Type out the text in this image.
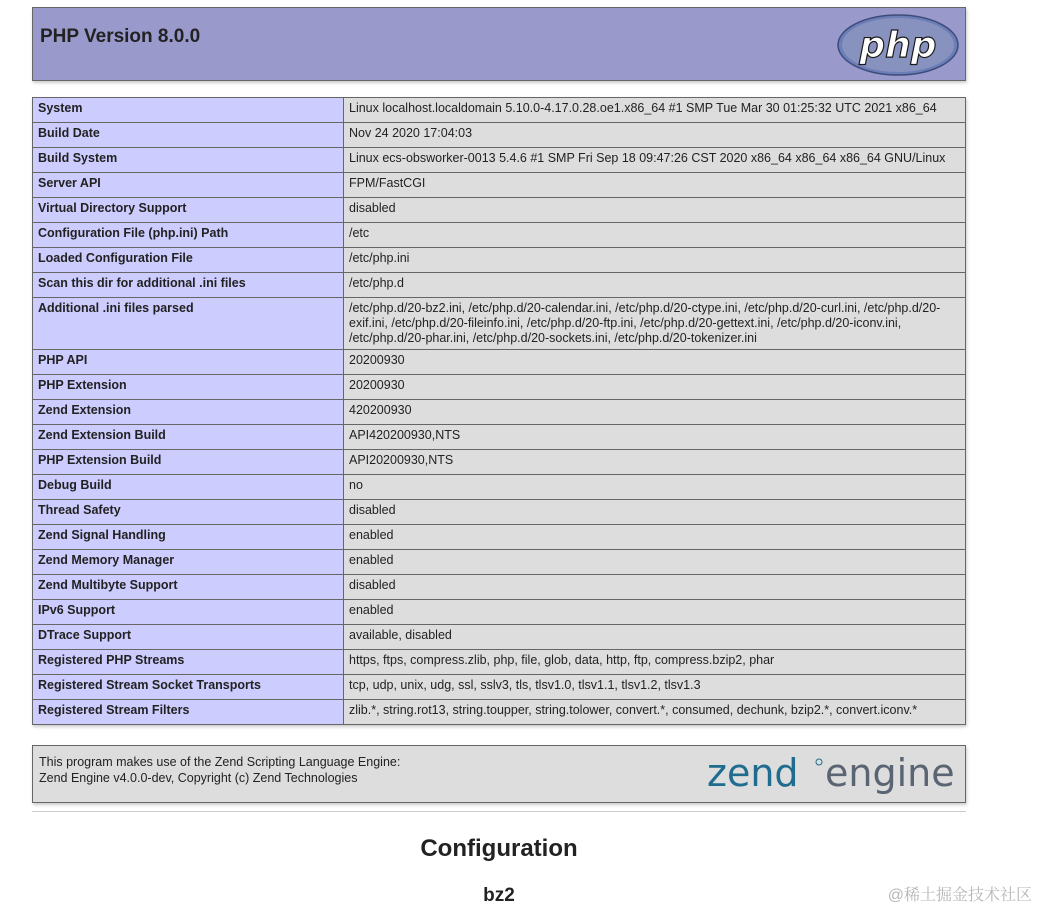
PHP Version 8.0.0	php
System	Linux localhost.localdomain 5.10.0-4.17.0.28.oe1.x86_64 #1 SMP Tue Mar 30 01:25:32 UTC 2021 x86_64
Build Date	Nov 24 2020 17:04:03
Build System	Linux ecs-obsworker-0013 5.4.6 #1 SMP Fri Sep 18 09:47:26 CST 2020 x86_64 x86_64 x86_64 GNU/Linux
Server API	FPM/FastCGI
Virtual Directory Support	disabled
Configuration File (php.ini) Path	/etc
Loaded Configuration File	/etc/php.ini
Scan this dir for additional .ini files	/etc/php.d
Additional .ini files parsed	/etc/php.d/20-bz2.ini, /etc/php.d/20-calendar.ini, /etc/php.d/20-ctype.ini, /etc/php.d/20-curl.ini, /etc/php.d/20-exif.ini, /etc/php.d/20-fileinfo.ini, /etc/php.d/20-ftp.ini, /etc/php.d/20-gettext.ini, /etc/php.d/20-iconv.ini, /etc/php.d/20-phar.ini, /etc/php.d/20-sockets.ini, /etc/php.d/20-tokenizer.ini
PHP API	20200930
PHP Extension	20200930
Zend Extension	420200930
Zend Extension Build	API420200930,NTS
PHP Extension Build	API20200930,NTS
Debug Build	no
Thread Safety	disabled
Zend Signal Handling	enabled
Zend Memory Manager	enabled
Zend Multibyte Support	disabled
IPv6 Support	enabled
DTrace Support	available, disabled
Registered PHP Streams	https, ftps, compress.zlib, php, file, glob, data, http, ftp, compress.bzip2, phar
Registered Stream Socket Transports	tcp, udp, unix, udg, ssl, sslv3, tls, tlsv1.0, tlsv1.1, tlsv1.2, tlsv1.3
Registered Stream Filters	zlib.*, string.rot13, string.toupper, string.tolower, convert.*, consumed, dechunk, bzip2.*, convert.iconv.*
This program makes use of the Zend Scripting Language Engine:
Zend Engine v4.0.0-dev, Copyright (c) Zend Technologies	zend engine
Configuration
bz2	@稀土掘金技术社区
